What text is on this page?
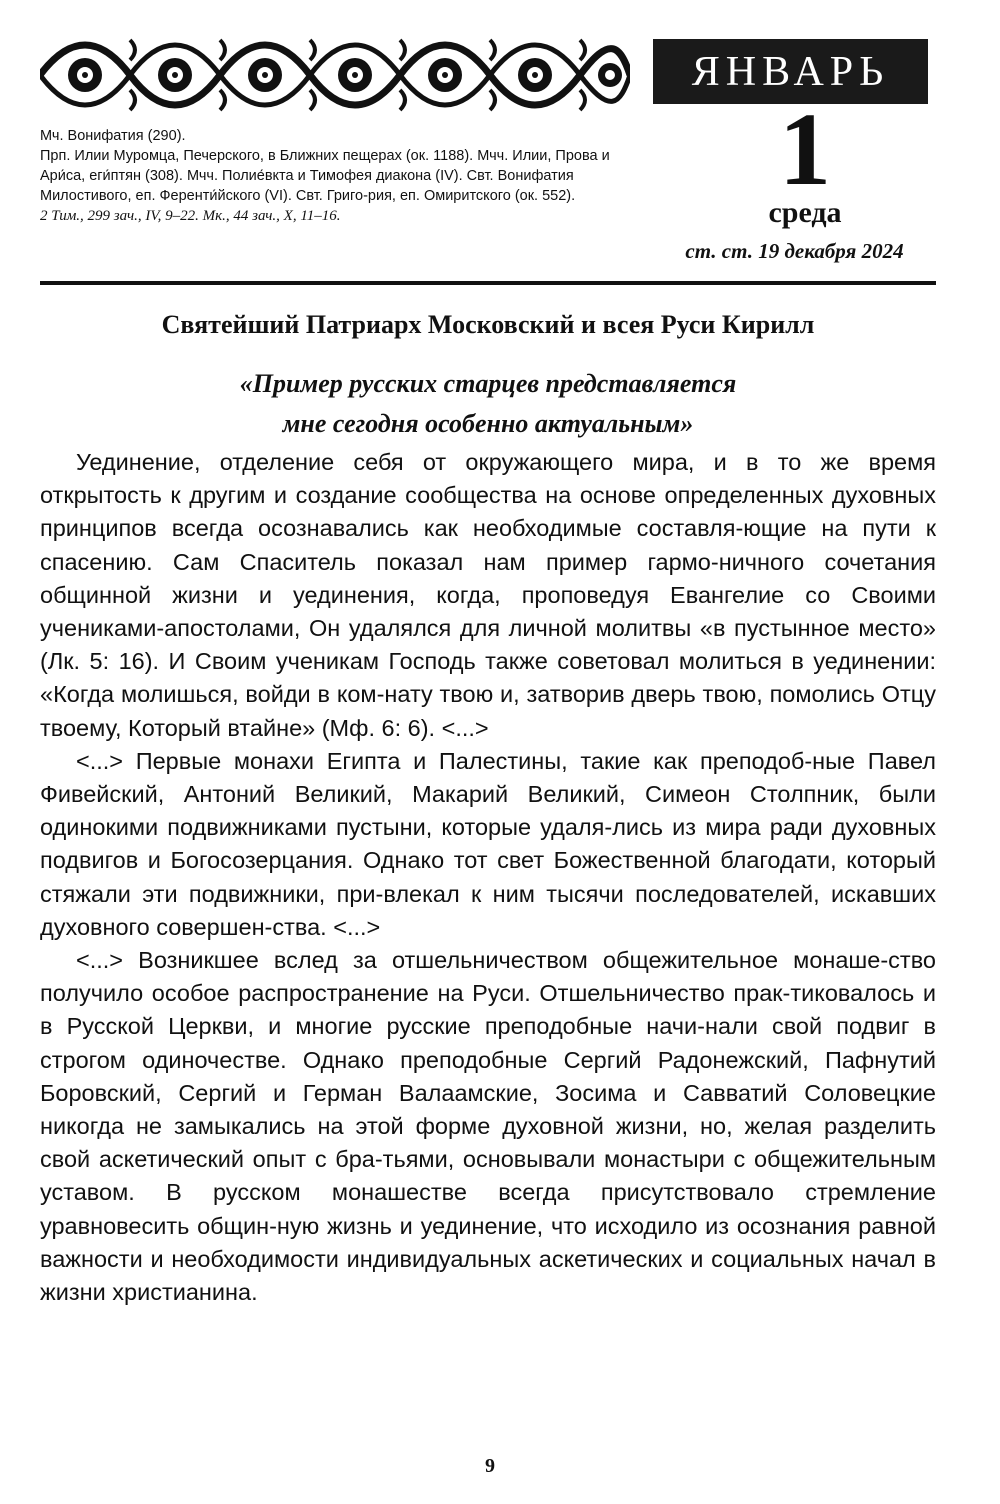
ЯНВАРЬ

Мч. Вонифатия (290).

Прп. Илии Муромца, Печерского, в Ближних пещерах (ок. 1188). Мчч. Илии, Прова и Ари́са, еги́птян (308). Мчч. Полие́вкта и Тимофея диакона (IV). Свт. Вонифатия Милостивого, еп. Ференти́йского (VI). Свт. Григо-рия, еп. Омиритского (ок. 552).

2 Тим., 299 зач., IV, 9–22. Мк., 44 зач., X, 11–16.

1
среда
ст. ст. 19 декабря 2024
Святейший Патриарх Московский и всея Руси Кирилл
«Пример русских старцев представляется
мне сегодня особенно актуальным»

Уединение, отделение себя от окружающего мира, и в то же время открытость к другим и создание сообщества на основе определенных духовных принципов всегда осознавались как необходимые составля-ющие на пути к спасению. Сам Спаситель показал нам пример гармо-ничного сочетания общинной жизни и уединения, когда, проповедуя Евангелие со Своими учениками-апостолами, Он удалялся для личной молитвы «в пустынное место» (Лк. 5: 16). И Своим ученикам Господь также советовал молиться в уединении: «Когда молишься, войди в ком-нату твою и, затворив дверь твою, помолись Отцу твоему, Который втайне» (Мф. 6: 6). <...>

<...> Первые монахи Египта и Палестины, такие как преподоб-ные Павел Фивейский, Антоний Великий, Макарий Великий, Симеон Столпник, были одинокими подвижниками пустыни, которые удаля-лись из мира ради духовных подвигов и Богосозерцания. Однако тот свет Божественной благодати, который стяжали эти подвижники, при-влекал к ним тысячи последователей, искавших духовного совершен-ства. <...>

<...> Возникшее вслед за отшельничеством общежительное монаше-ство получило особое распространение на Руси. Отшельничество прак-тиковалось и в Русской Церкви, и многие русские преподобные начи-нали свой подвиг в строгом одиночестве. Однако преподобные Сергий Радонежский, Пафнутий Боровский, Сергий и Герман Валаамские, Зосима и Савватий Соловецкие никогда не замыкались на этой форме духовной жизни, но, желая разделить свой аскетический опыт с бра-тьями, основывали монастыри с общежительным уставом. В русском монашестве всегда присутствовало стремление уравновесить общин-ную жизнь и уединение, что исходило из осознания равной важности и необходимости индивидуальных аскетических и социальных начал в жизни христианина.

9
